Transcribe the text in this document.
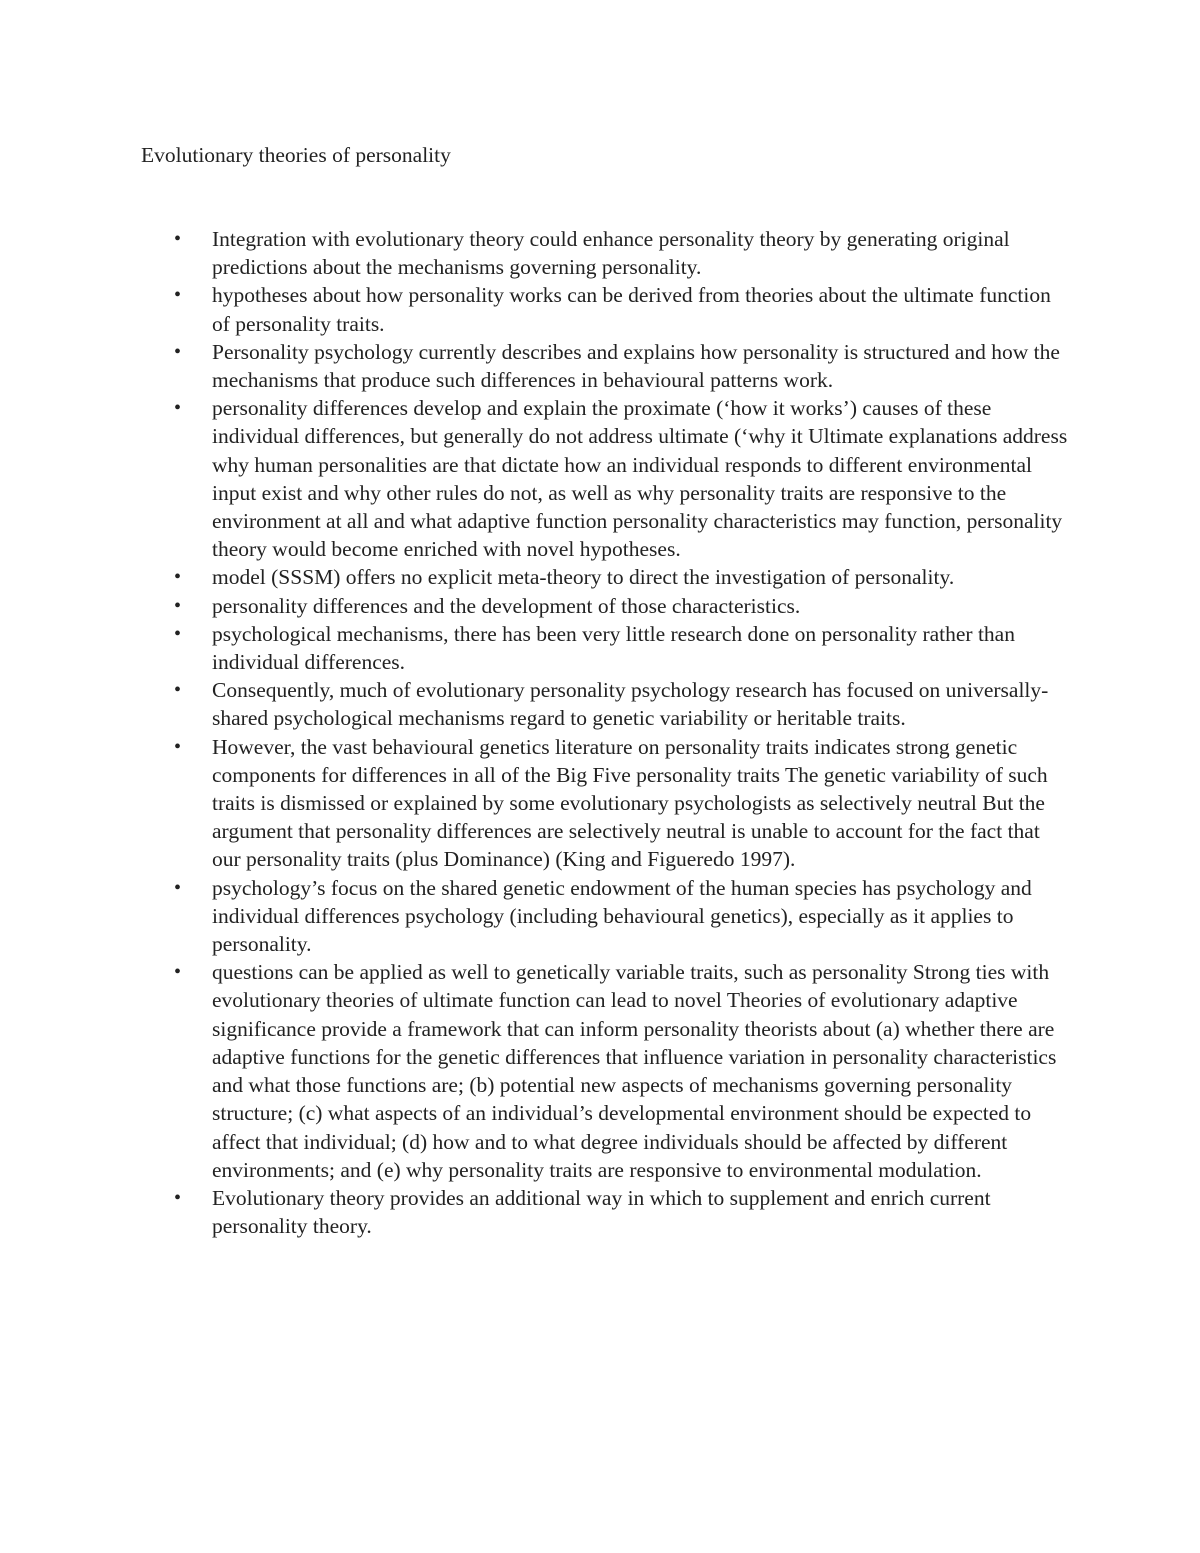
Evolutionary theories of personality
• Integration with evolutionary theory could enhance personality theory by generating original predictions about the mechanisms governing personality.
• hypotheses about how personality works can be derived from theories about the ultimate function of personality traits.
• Personality psychology currently describes and explains how personality is structured and how the mechanisms that produce such differences in behavioural patterns work.
• personality differences develop and explain the proximate (‘how it works’) causes of these individual differences, but generally do not address ultimate (‘why it Ultimate explanations address why human personalities are that dictate how an individual responds to different environmental input exist and why other rules do not, as well as why personality traits are responsive to the environment at all and what adaptive function personality characteristics may function, personality theory would become enriched with novel hypotheses.
• model (SSSM) offers no explicit meta-theory to direct the investigation of personality.
• personality differences and the development of those characteristics.
• psychological mechanisms, there has been very little research done on personality rather than individual differences.
• Consequently, much of evolutionary personality psychology research has focused on universally-shared psychological mechanisms regard to genetic variability or heritable traits.
• However, the vast behavioural genetics literature on personality traits indicates strong genetic components for differences in all of the Big Five personality traits The genetic variability of such traits is dismissed or explained by some evolutionary psychologists as selectively neutral But the argument that personality differences are selectively neutral is unable to account for the fact that our personality traits (plus Dominance) (King and Figueredo 1997).
• psychology’s focus on the shared genetic endowment of the human species has psychology and individual differences psychology (including behavioural genetics), especially as it applies to personality.
• questions can be applied as well to genetically variable traits, such as personality Strong ties with evolutionary theories of ultimate function can lead to novel Theories of evolutionary adaptive significance provide a framework that can inform personality theorists about (a) whether there are adaptive functions for the genetic differences that influence variation in personality characteristics and what those functions are; (b) potential new aspects of mechanisms governing personality structure; (c) what aspects of an individual’s developmental environment should be expected to affect that individual; (d) how and to what degree individuals should be affected by different environments; and (e) why personality traits are responsive to environmental modulation.
• Evolutionary theory provides an additional way in which to supplement and enrich current personality theory.
